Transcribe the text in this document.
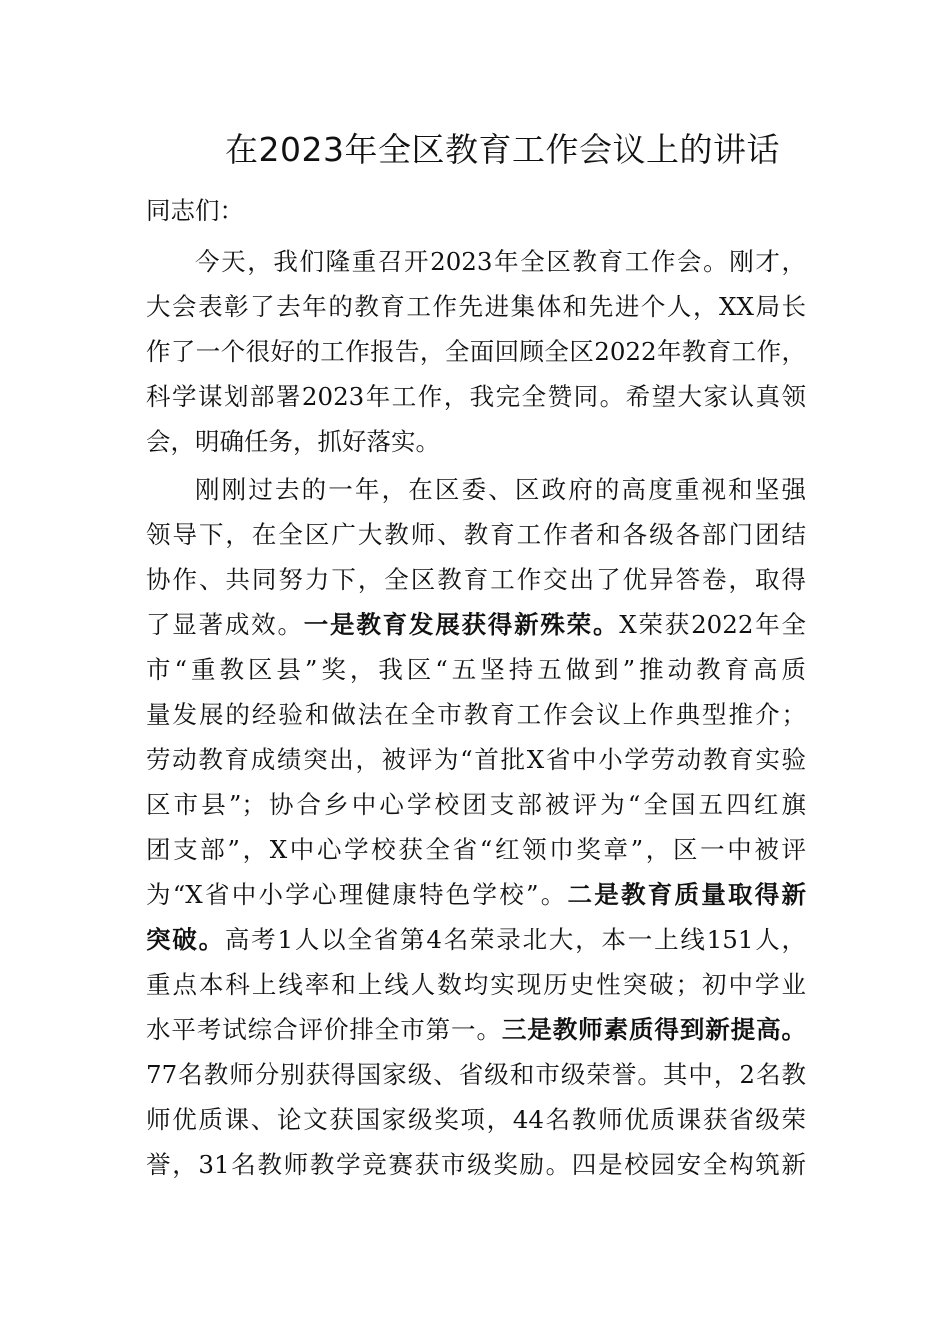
在2023年全区教育工作会议上的讲话
同志们：
今天，我们隆重召开2023年全区教育工作会。刚才，
大会表彰了去年的教育工作先进集体和先进个人，XX局长
作了一个很好的工作报告，全面回顾全区2022年教育工作，
科学谋划部署2023年工作，我完全赞同。希望大家认真领
会，明确任务，抓好落实。
刚刚过去的一年，在区委、区政府的高度重视和坚强
领导下，在全区广大教师、教育工作者和各级各部门团结
协作、共同努力下，全区教育工作交出了优异答卷，取得
了显著成效。一是教育发展获得新殊荣。X荣获2022年全
市“重教区县”奖，我区“五坚持五做到”推动教育高质
量发展的经验和做法在全市教育工作会议上作典型推介；
劳动教育成绩突出，被评为“首批X省中小学劳动教育实验
区市县”；协合乡中心学校团支部被评为“全国五四红旗
团支部”，X中心学校获全省“红领巾奖章”，区一中被评
为“X省中小学心理健康特色学校”。二是教育质量取得新
突破。高考1人以全省第4名荣录北大，本一上线151人，
重点本科上线率和上线人数均实现历史性突破；初中学业
水平考试综合评价排全市第一。三是教师素质得到新提高。
77名教师分别获得国家级、省级和市级荣誉。其中，2名教
师优质课、论文获国家级奖项，44名教师优质课获省级荣
誉，31名教师教学竞赛获市级奖励。四是校园安全构筑新
